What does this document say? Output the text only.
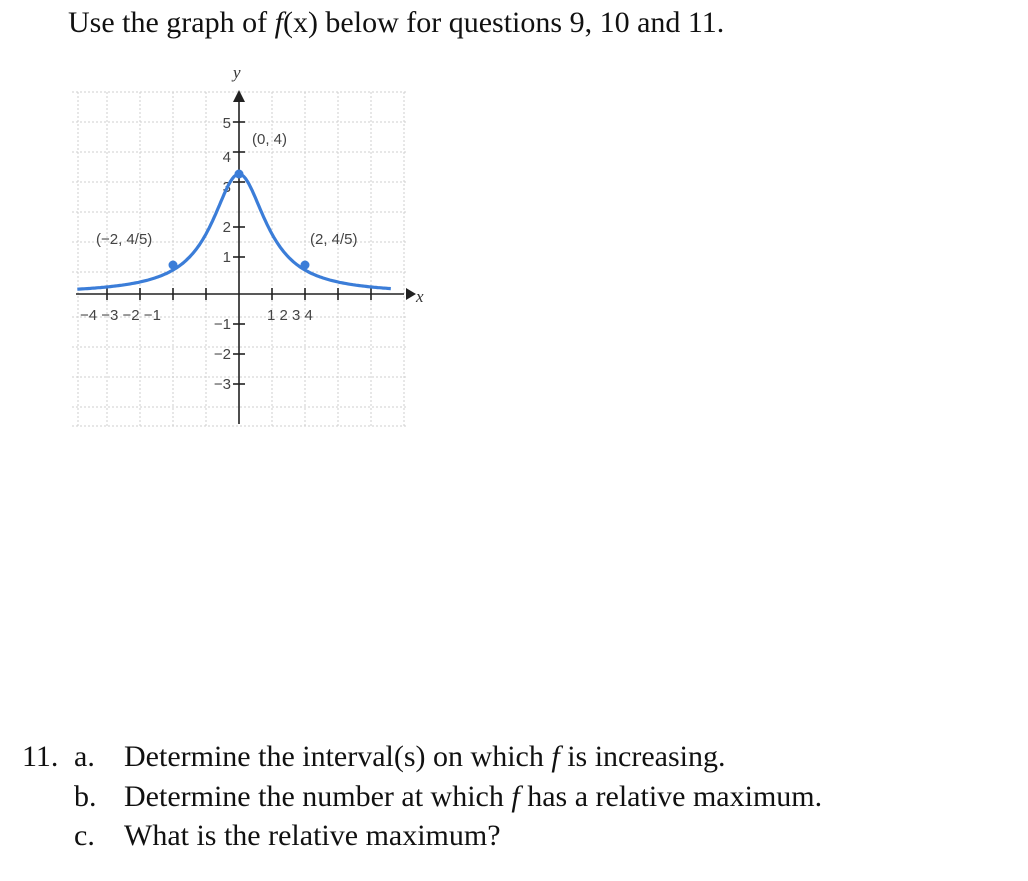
Use the graph of f(x) below for questions 9, 10 and 11.
y
x
5
4
3
2
1
−1
−2
−3
−4 −3 −2 −1	1 2 3 4
(0, 4)
(−2, 4/5)	(2, 4/5)
11. a. Determine the interval(s) on which f is increasing.
b. Determine the number at which f has a relative maximum.
c. What is the relative maximum?
